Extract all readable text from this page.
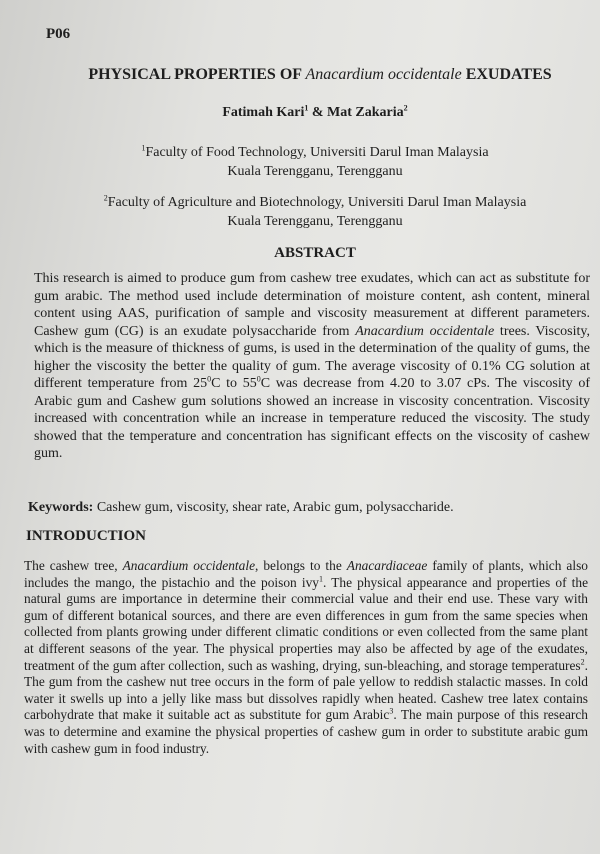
P06
PHYSICAL PROPERTIES OF Anacardium occidentale EXUDATES
Fatimah Kari$^1$ & Mat Zakaria$^2$
$^1$Faculty of Food Technology, Universiti Darul Iman Malaysia
Kuala Terengganu, Terengganu
$^2$Faculty of Agriculture and Biotechnology, Universiti Darul Iman Malaysia
Kuala Terengganu, Terengganu
ABSTRACT

This research is aimed to produce gum from cashew tree exudates, which can act as substitute for gum arabic. The method used include determination of moisture content, ash content, mineral content using AAS, purification of sample and viscosity measurement at different parameters. Cashew gum (CG) is an exudate polysaccharide from Anacardium occidentale trees. Viscosity, which is the measure of thickness of gums, is used in the determination of the quality of gums, the higher the viscosity the better the quality of gum. The average viscosity of 0.1% CG solution at different temperature from $25^0C$ to $55^0C$ was decrease from 4.20 to 3.07 cPs. The viscosity of Arabic gum and Cashew gum solutions showed an increase in viscosity concentration. Viscosity increased with concentration while an increase in temperature reduced the viscosity. The study showed that the temperature and concentration has significant effects on the viscosity of cashew gum.

Keywords: Cashew gum, viscosity, shear rate, Arabic gum, polysaccharide.
INTRODUCTION

The cashew tree, Anacardium occidentale, belongs to the Anacardiaceae family of plants, which also includes the mango, the pistachio and the poison ivy$^1$. The physical appearance and properties of the natural gums are importance in determine their commercial value and their end use. These vary with gum of different botanical sources, and there are even differences in gum from the same species when collected from plants growing under different climatic conditions or even collected from the same plant at different seasons of the year. The physical properties may also be affected by age of the exudates, treatment of the gum after collection, such as washing, drying, sun-bleaching, and storage temperatures$^2$. The gum from the cashew nut tree occurs in the form of pale yellow to reddish stalactic masses. In cold water it swells up into a jelly like mass but dissolves rapidly when heated. Cashew tree latex contains carbohydrate that make it suitable act as substitute for gum Arabic$^3$. The main purpose of this research was to determine and examine the physical properties of cashew gum in order to substitute arabic gum with cashew gum in food industry.
